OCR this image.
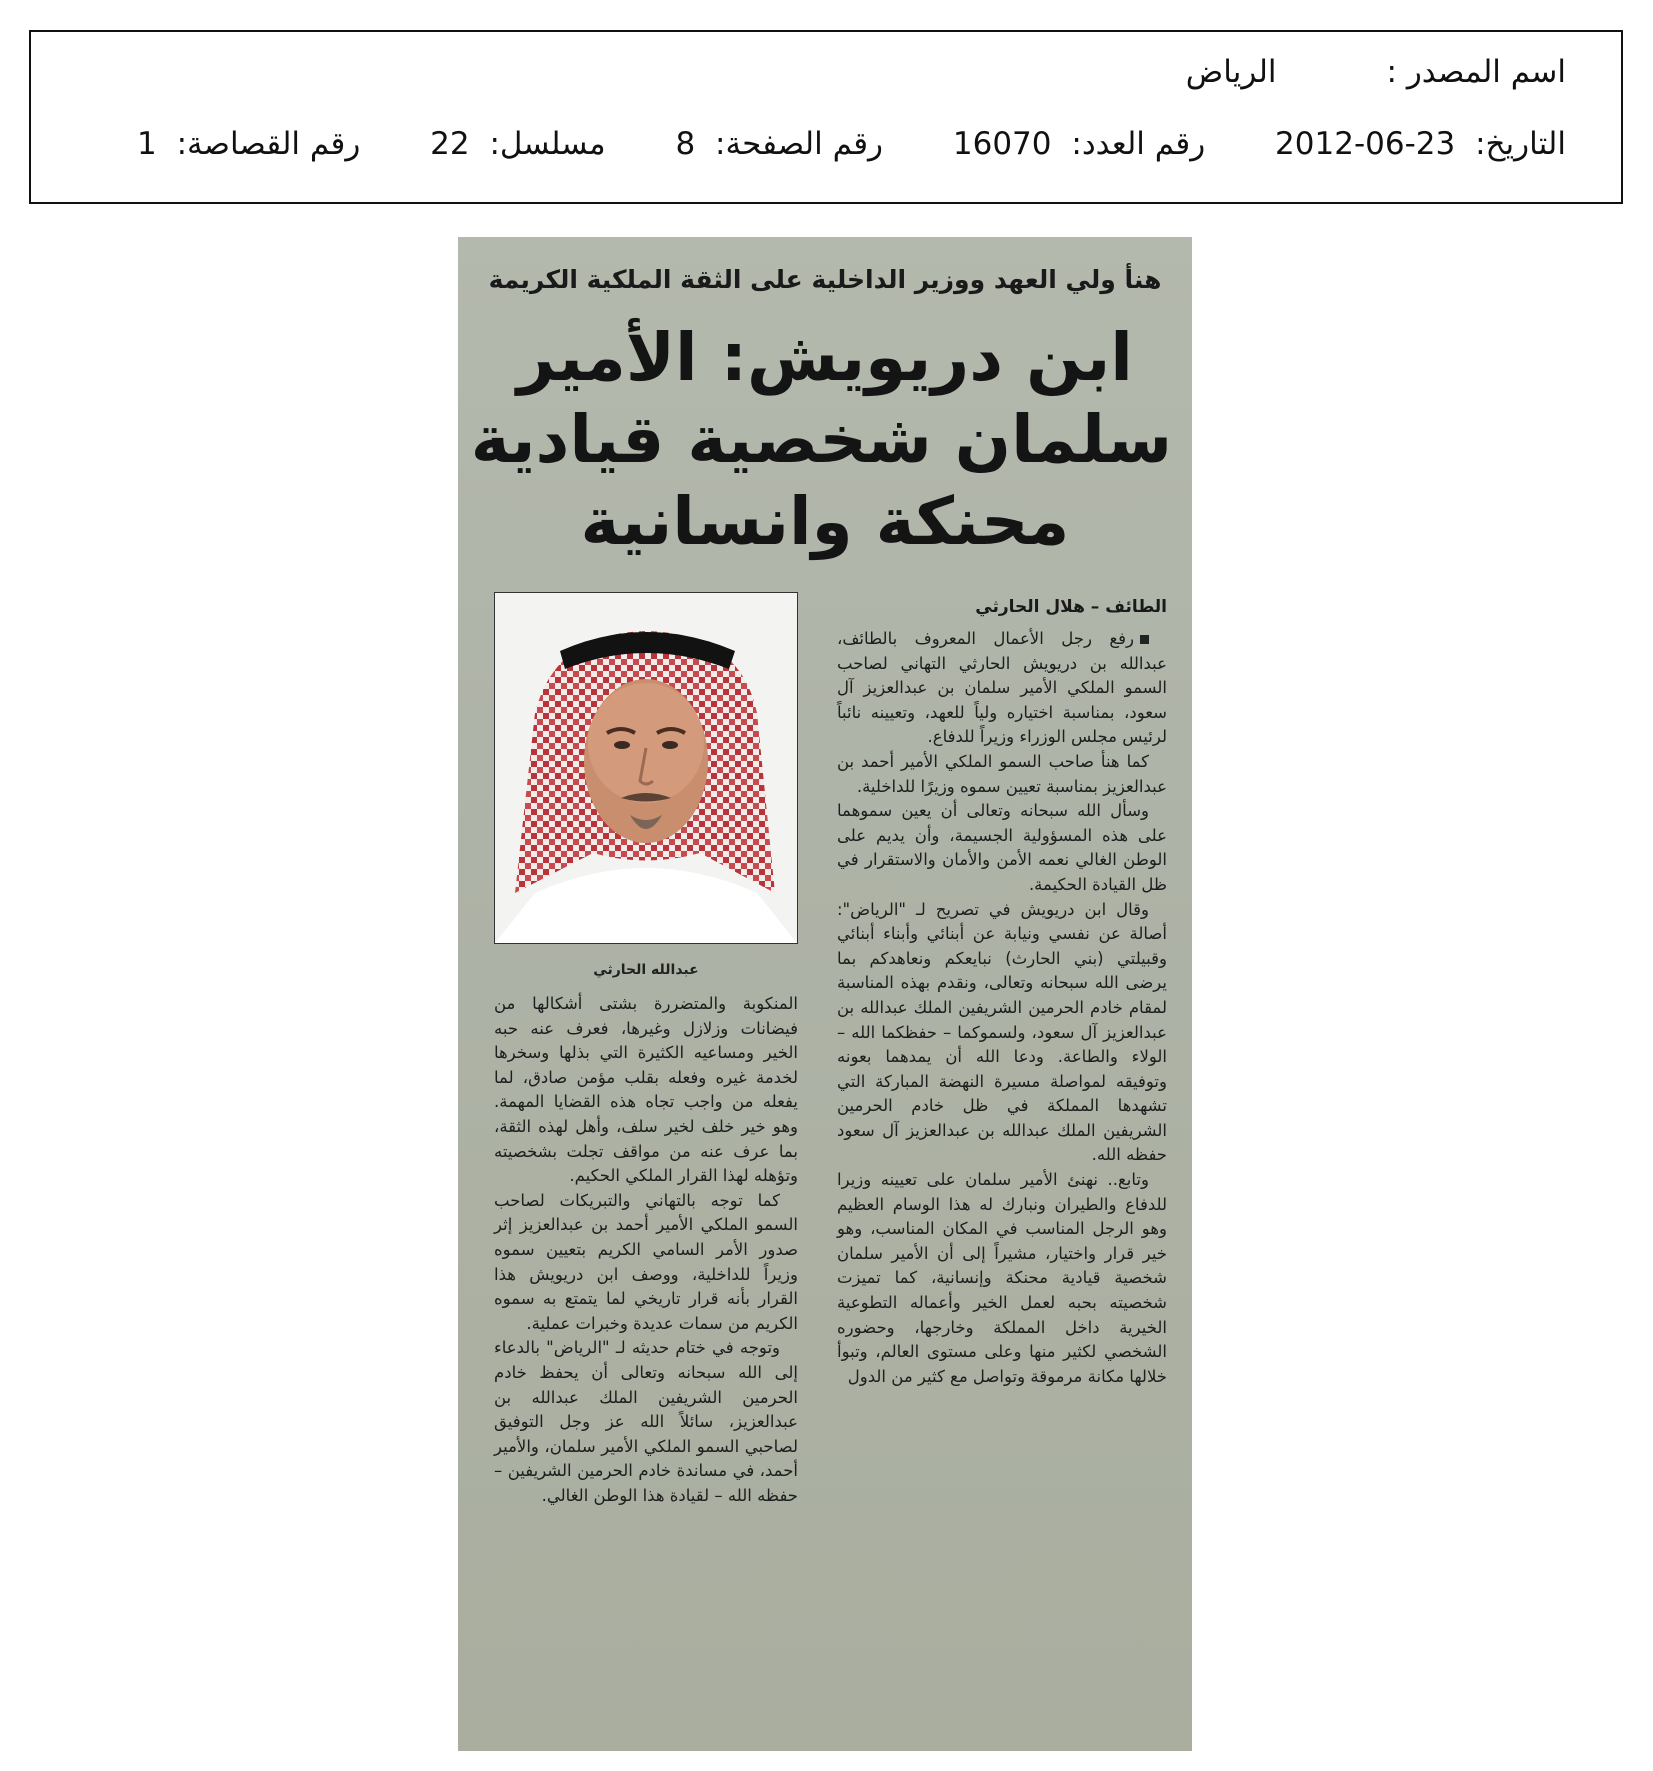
اسم المصدر :الرياض
التاريخ: 2012-06-23 رقم العدد: 16070 رقم الصفحة: 8 مسلسل: 22 رقم القصاصة: 1
هنأ ولي العهد ووزير الداخلية على الثقة الملكية الكريمة
ابن دريويش: الأمير
سلمان شخصية قيادية
محنكة وانسانية
الطائف – هلال الحارثي

رفع رجل الأعمال المعروف بالطائف، عبدالله بن دريويش الحارثي التهاني لصاحب السمو الملكي الأمير سلمان بن عبدالعزيز آل سعود، بمناسبة اختياره ولياً للعهد، وتعيينه نائباً لرئيس مجلس الوزراء وزيراً للدفاع.

كما هنأ صاحب السمو الملكي الأمير أحمد بن عبدالعزيز بمناسبة تعيين سموه وزيرًا للداخلية.

وسأل الله سبحانه وتعالى أن يعين سموهما على هذه المسؤولية الجسيمة، وأن يديم على الوطن الغالي نعمه الأمن والأمان والاستقرار في ظل القيادة الحكيمة.

وقال ابن دريويش في تصريح لـ "الرياض": أصالة عن نفسي ونيابة عن أبنائي وأبناء أبنائي وقبيلتي (بني الحارث) نبايعكم ونعاهدكم بما يرضى الله سبحانه وتعالى، ونقدم بهذه المناسبة لمقام خادم الحرمين الشريفين الملك عبدالله بن عبدالعزيز آل سعود، ولسموكما – حفظكما الله – الولاء والطاعة. ودعا الله أن يمدهما بعونه وتوفيقه لمواصلة مسيرة النهضة المباركة التي تشهدها المملكة في ظل خادم الحرمين الشريفين الملك عبدالله بن عبدالعزيز آل سعود حفظه الله.

وتابع.. نهنئ الأمير سلمان على تعيينه وزيرا للدفاع والطيران ونبارك له هذا الوسام العظيم وهو الرجل المناسب في المكان المناسب، وهو خير قرار واختيار، مشيراً إلى أن الأمير سلمان شخصية قيادية محنكة وإنسانية، كما تميزت شخصيته بحبه لعمل الخير وأعماله التطوعية الخيرية داخل المملكة وخارجها، وحضوره الشخصي لكثير منها وعلى مستوى العالم، وتبوأ خلالها مكانة مرموقة وتواصل مع كثير من الدول

عبدالله الحارثي

المنكوبة والمتضررة بشتى أشكالها من فيضانات وزلازل وغيرها، فعرف عنه حبه الخير ومساعيه الكثيرة التي بذلها وسخرها لخدمة غيره وفعله بقلب مؤمن صادق، لما يفعله من واجب تجاه هذه القضايا المهمة. وهو خير خلف لخير سلف، وأهل لهذه الثقة، بما عرف عنه من مواقف تجلت بشخصيته وتؤهله لهذا القرار الملكي الحكيم.

كما توجه بالتهاني والتبريكات لصاحب السمو الملكي الأمير أحمد بن عبدالعزيز إثر صدور الأمر السامي الكريم بتعيين سموه وزيراً للداخلية، ووصف ابن دريويش هذا القرار بأنه قرار تاريخي لما يتمتع به سموه الكريم من سمات عديدة وخبرات عملية.

وتوجه في ختام حديثه لـ "الرياض" بالدعاء إلى الله سبحانه وتعالى أن يحفظ خادم الحرمين الشريفين الملك عبدالله بن عبدالعزيز، سائلاً الله عز وجل التوفيق لصاحبي السمو الملكي الأمير سلمان، والأمير أحمد، في مساندة خادم الحرمين الشريفين – حفظه الله – لقيادة هذا الوطن الغالي.
